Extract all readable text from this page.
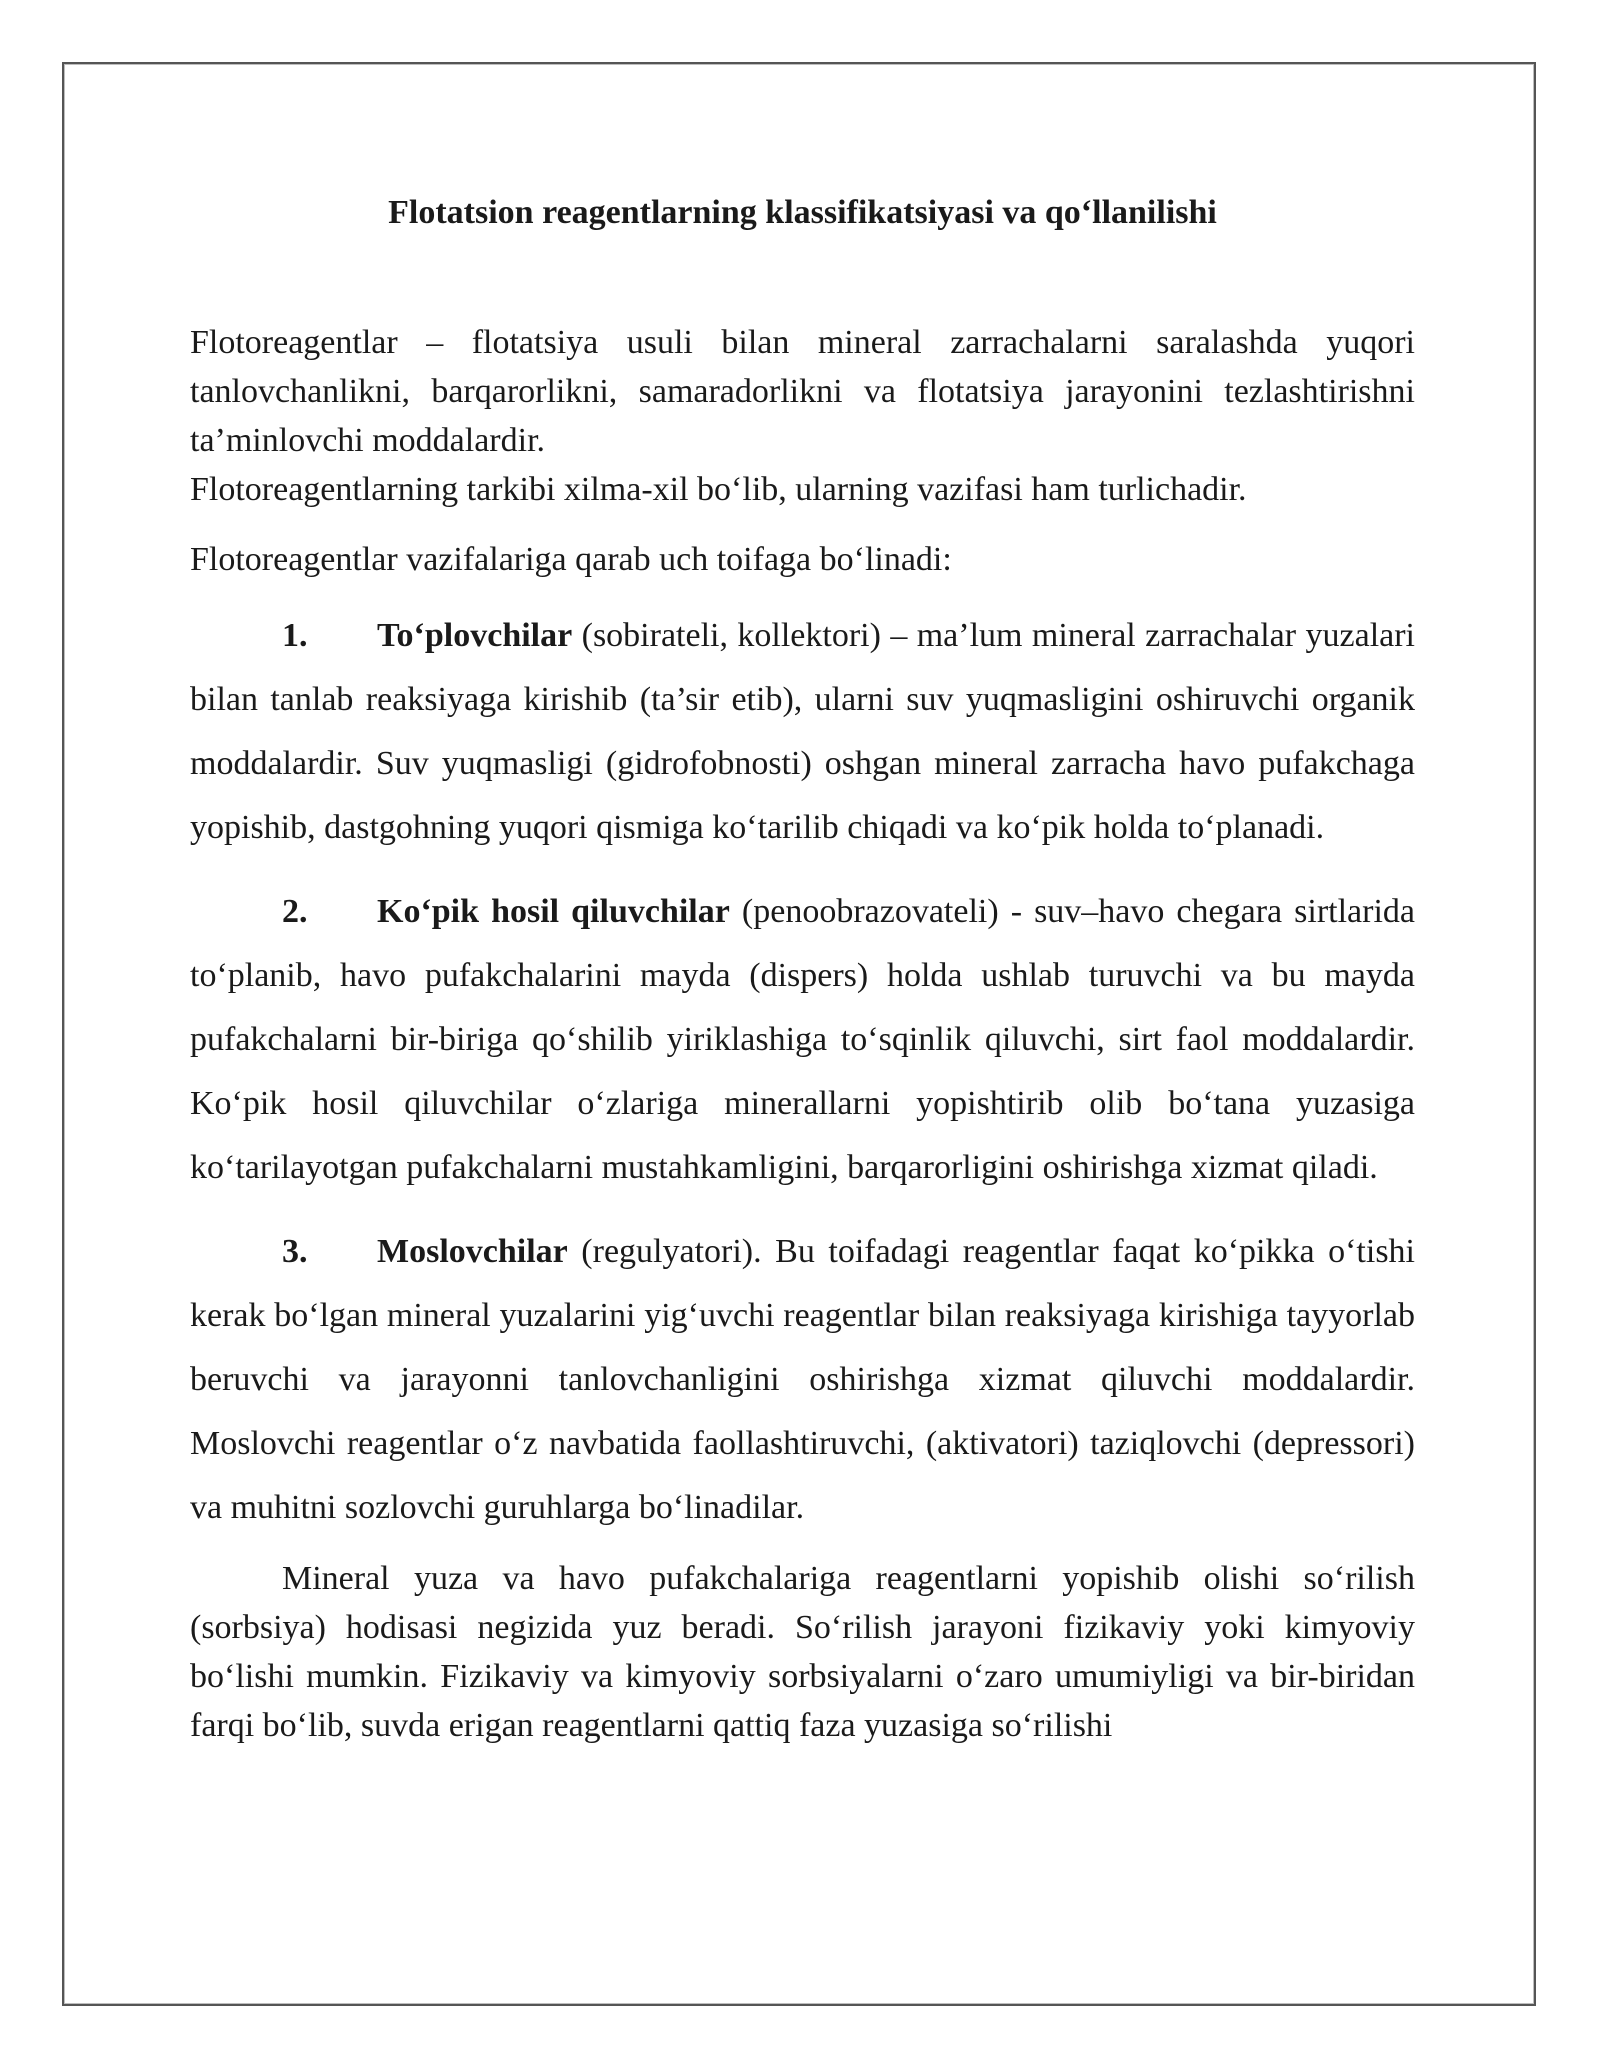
Flotatsion reagentlarning klassifikatsiyasi va qo‘llanilishi

Flotoreagentlar – flotatsiya usuli bilan mineral zarrachalarni saralashda yuqori tanlovchanlikni, barqarorlikni, samaradorlikni va flotatsiya jarayonini tezlashtirishni ta’minlovchi moddalardir.

Flotoreagentlarning tarkibi xilma-xil bo‘lib, ularning vazifasi ham turlichadir.

Flotoreagentlar vazifalariga qarab uch toifaga bo‘linadi:

1. To‘plovchilar (sobirateli, kollektori) – ma’lum mineral zarrachalar yuzalari bilan tanlab reaksiyaga kirishib (ta’sir etib), ularni suv yuqmasligini oshiruvchi organik moddalardir. Suv yuqmasligi (gidrofobnosti) oshgan mineral zarracha havo pufakchaga yopishib, dastgohning yuqori qismiga ko‘tarilib chiqadi va ko‘pik holda to‘planadi.

2. Ko‘pik hosil qiluvchilar (penoobrazovateli) - suv–havo chegara sirtlarida to‘planib, havo pufakchalarini mayda (dispers) holda ushlab turuvchi va bu mayda pufakchalarni bir-biriga qo‘shilib yiriklashiga to‘sqinlik qiluvchi, sirt faol moddalardir. Ko‘pik hosil qiluvchilar o‘zlariga minerallarni yopishtirib olib bo‘tana yuzasiga ko‘tarilayotgan pufakchalarni mustahkamligini, barqarorligini oshirishga xizmat qiladi.

3. Moslovchilar (regulyatori). Bu toifadagi reagentlar faqat ko‘pikka o‘tishi kerak bo‘lgan mineral yuzalarini yig‘uvchi reagentlar bilan reaksiyaga kirishiga tayyorlab beruvchi va jarayonni tanlovchanligini oshirishga xizmat qiluvchi moddalardir. Moslovchi reagentlar o‘z navbatida faollashtiruvchi, (aktivatori) taziqlovchi (depressori) va muhitni sozlovchi guruhlarga bo‘linadilar.

Mineral yuza va havo pufakchalariga reagentlarni yopishib olishi so‘rilish (sorbsiya) hodisasi negizida yuz beradi. So‘rilish jarayoni fizikaviy yoki kimyoviy bo‘lishi mumkin. Fizikaviy va kimyoviy sorbsiyalarni o‘zaro umumiyligi va bir-biridan farqi bo‘lib, suvda erigan reagentlarni qattiq faza yuzasiga so‘rilishi
